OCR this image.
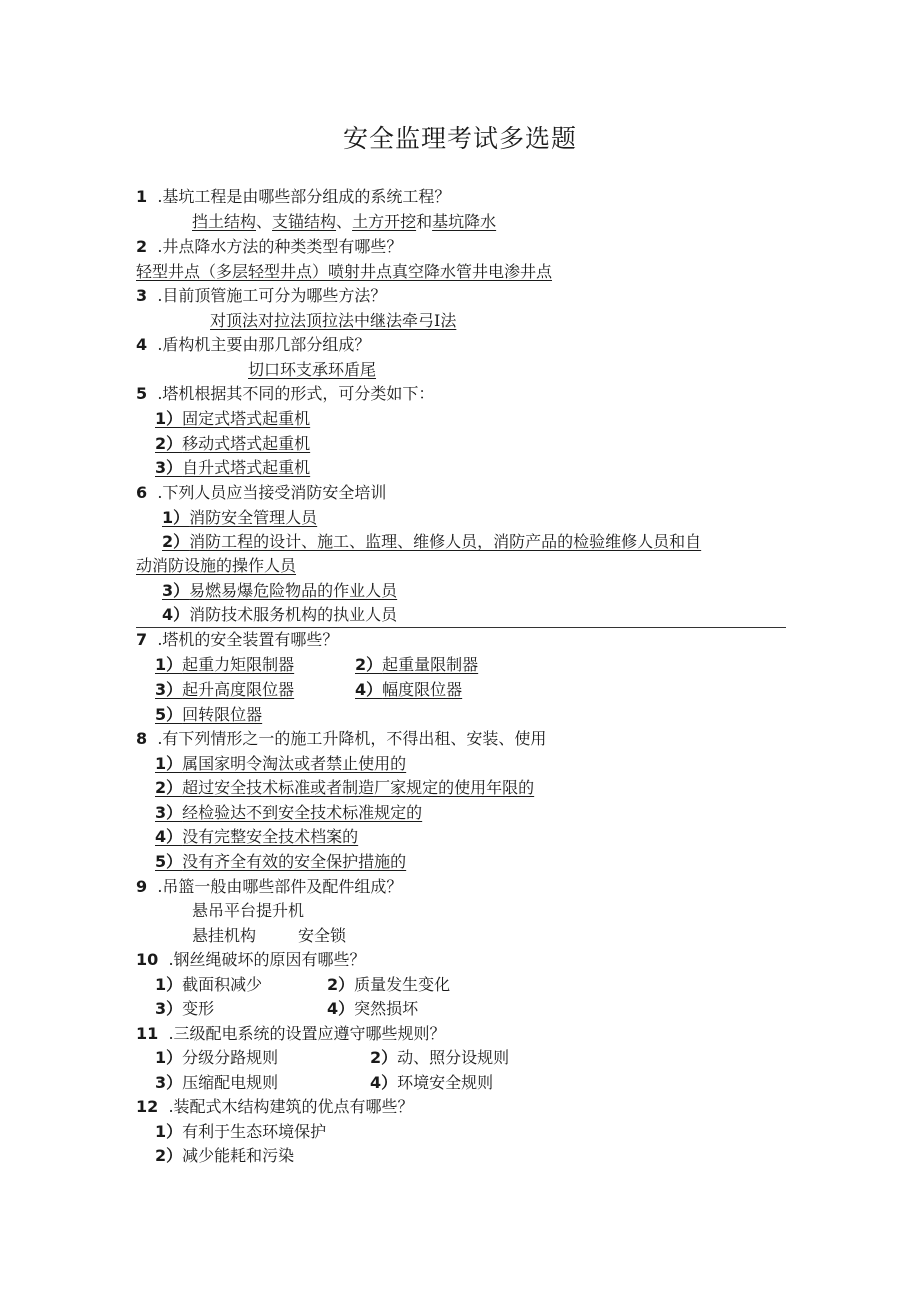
安全监理考试多选题
1 .基坑工程是由哪些部分组成的系统工程？
挡土结构、支锚结构、土方开挖和基坑降水
2 .井点降水方法的种类类型有哪些？
轻型井点（多层轻型井点）喷射井点真空降水管井电渗井点
3 .目前顶管施工可分为哪些方法？
对顶法对拉法顶拉法中继法牵弓I法
4 .盾构机主要由那几部分组成？
切口环支承环盾尾
5 .塔机根据其不同的形式，可分类如下：
1）固定式塔式起重机
2）移动式塔式起重机
3）自升式塔式起重机
6 .下列人员应当接受消防安全培训
1）消防安全管理人员
2）消防工程的设计、施工、监理、维修人员，消防产品的检验维修人员和自
动消防设施的操作人员
3）易燃易爆危险物品的作业人员
4）消防技术服务机构的执业人员
7 .塔机的安全装置有哪些？
1）起重力矩限制器	2）起重量限制器
3）起升高度限位器	4）幅度限位器
5）回转限位器
8 .有下列情形之一的施工升降机，不得出租、安装、使用
1）属国家明令淘汰或者禁止使用的
2）超过安全技术标准或者制造厂家规定的使用年限的
3）经检验达不到安全技术标准规定的
4）没有完整安全技术档案的
5）没有齐全有效的安全保护措施的
9 .吊篮一般由哪些部件及配件组成？
悬吊平台提升机
悬挂机构	安全锁
10 .钢丝绳破坏的原因有哪些？
1）截面积减少	2）质量发生变化
3）变形	4）突然损坏
11 .三级配电系统的设置应遵守哪些规则？
1）分级分路规则	2）动、照分设规则
3）压缩配电规则	4）环境安全规则
12 .装配式木结构建筑的优点有哪些？
1）有利于生态环境保护
2）减少能耗和污染
